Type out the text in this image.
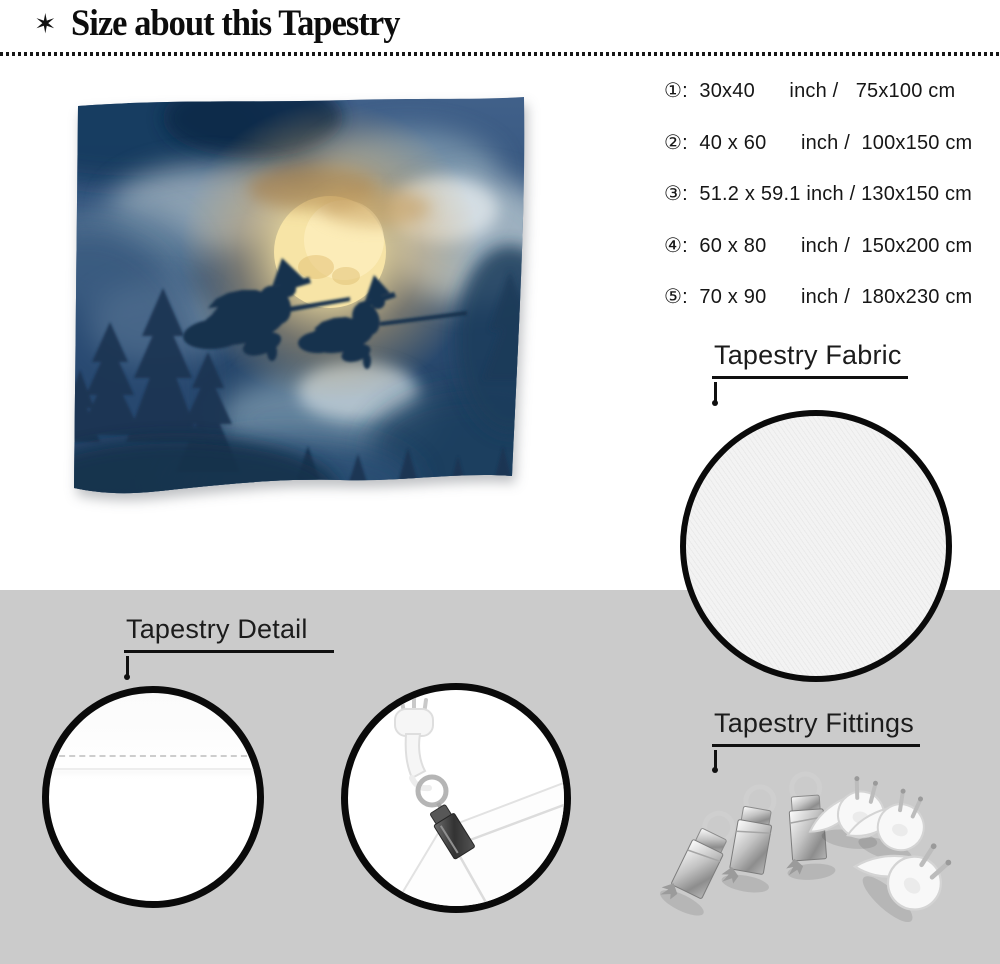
✶ Size about this Tapestry
①:  30x40      inch /   75x100 cm
②:  40 x 60      inch /  100x150 cm
③:  51.2 x 59.1 inch / 130x150 cm
④:  60 x 80      inch /  150x200 cm
⑤:  70 x 90      inch /  180x230 cm
Tapestry Fabric
Tapestry Detail
Tapestry Fittings
